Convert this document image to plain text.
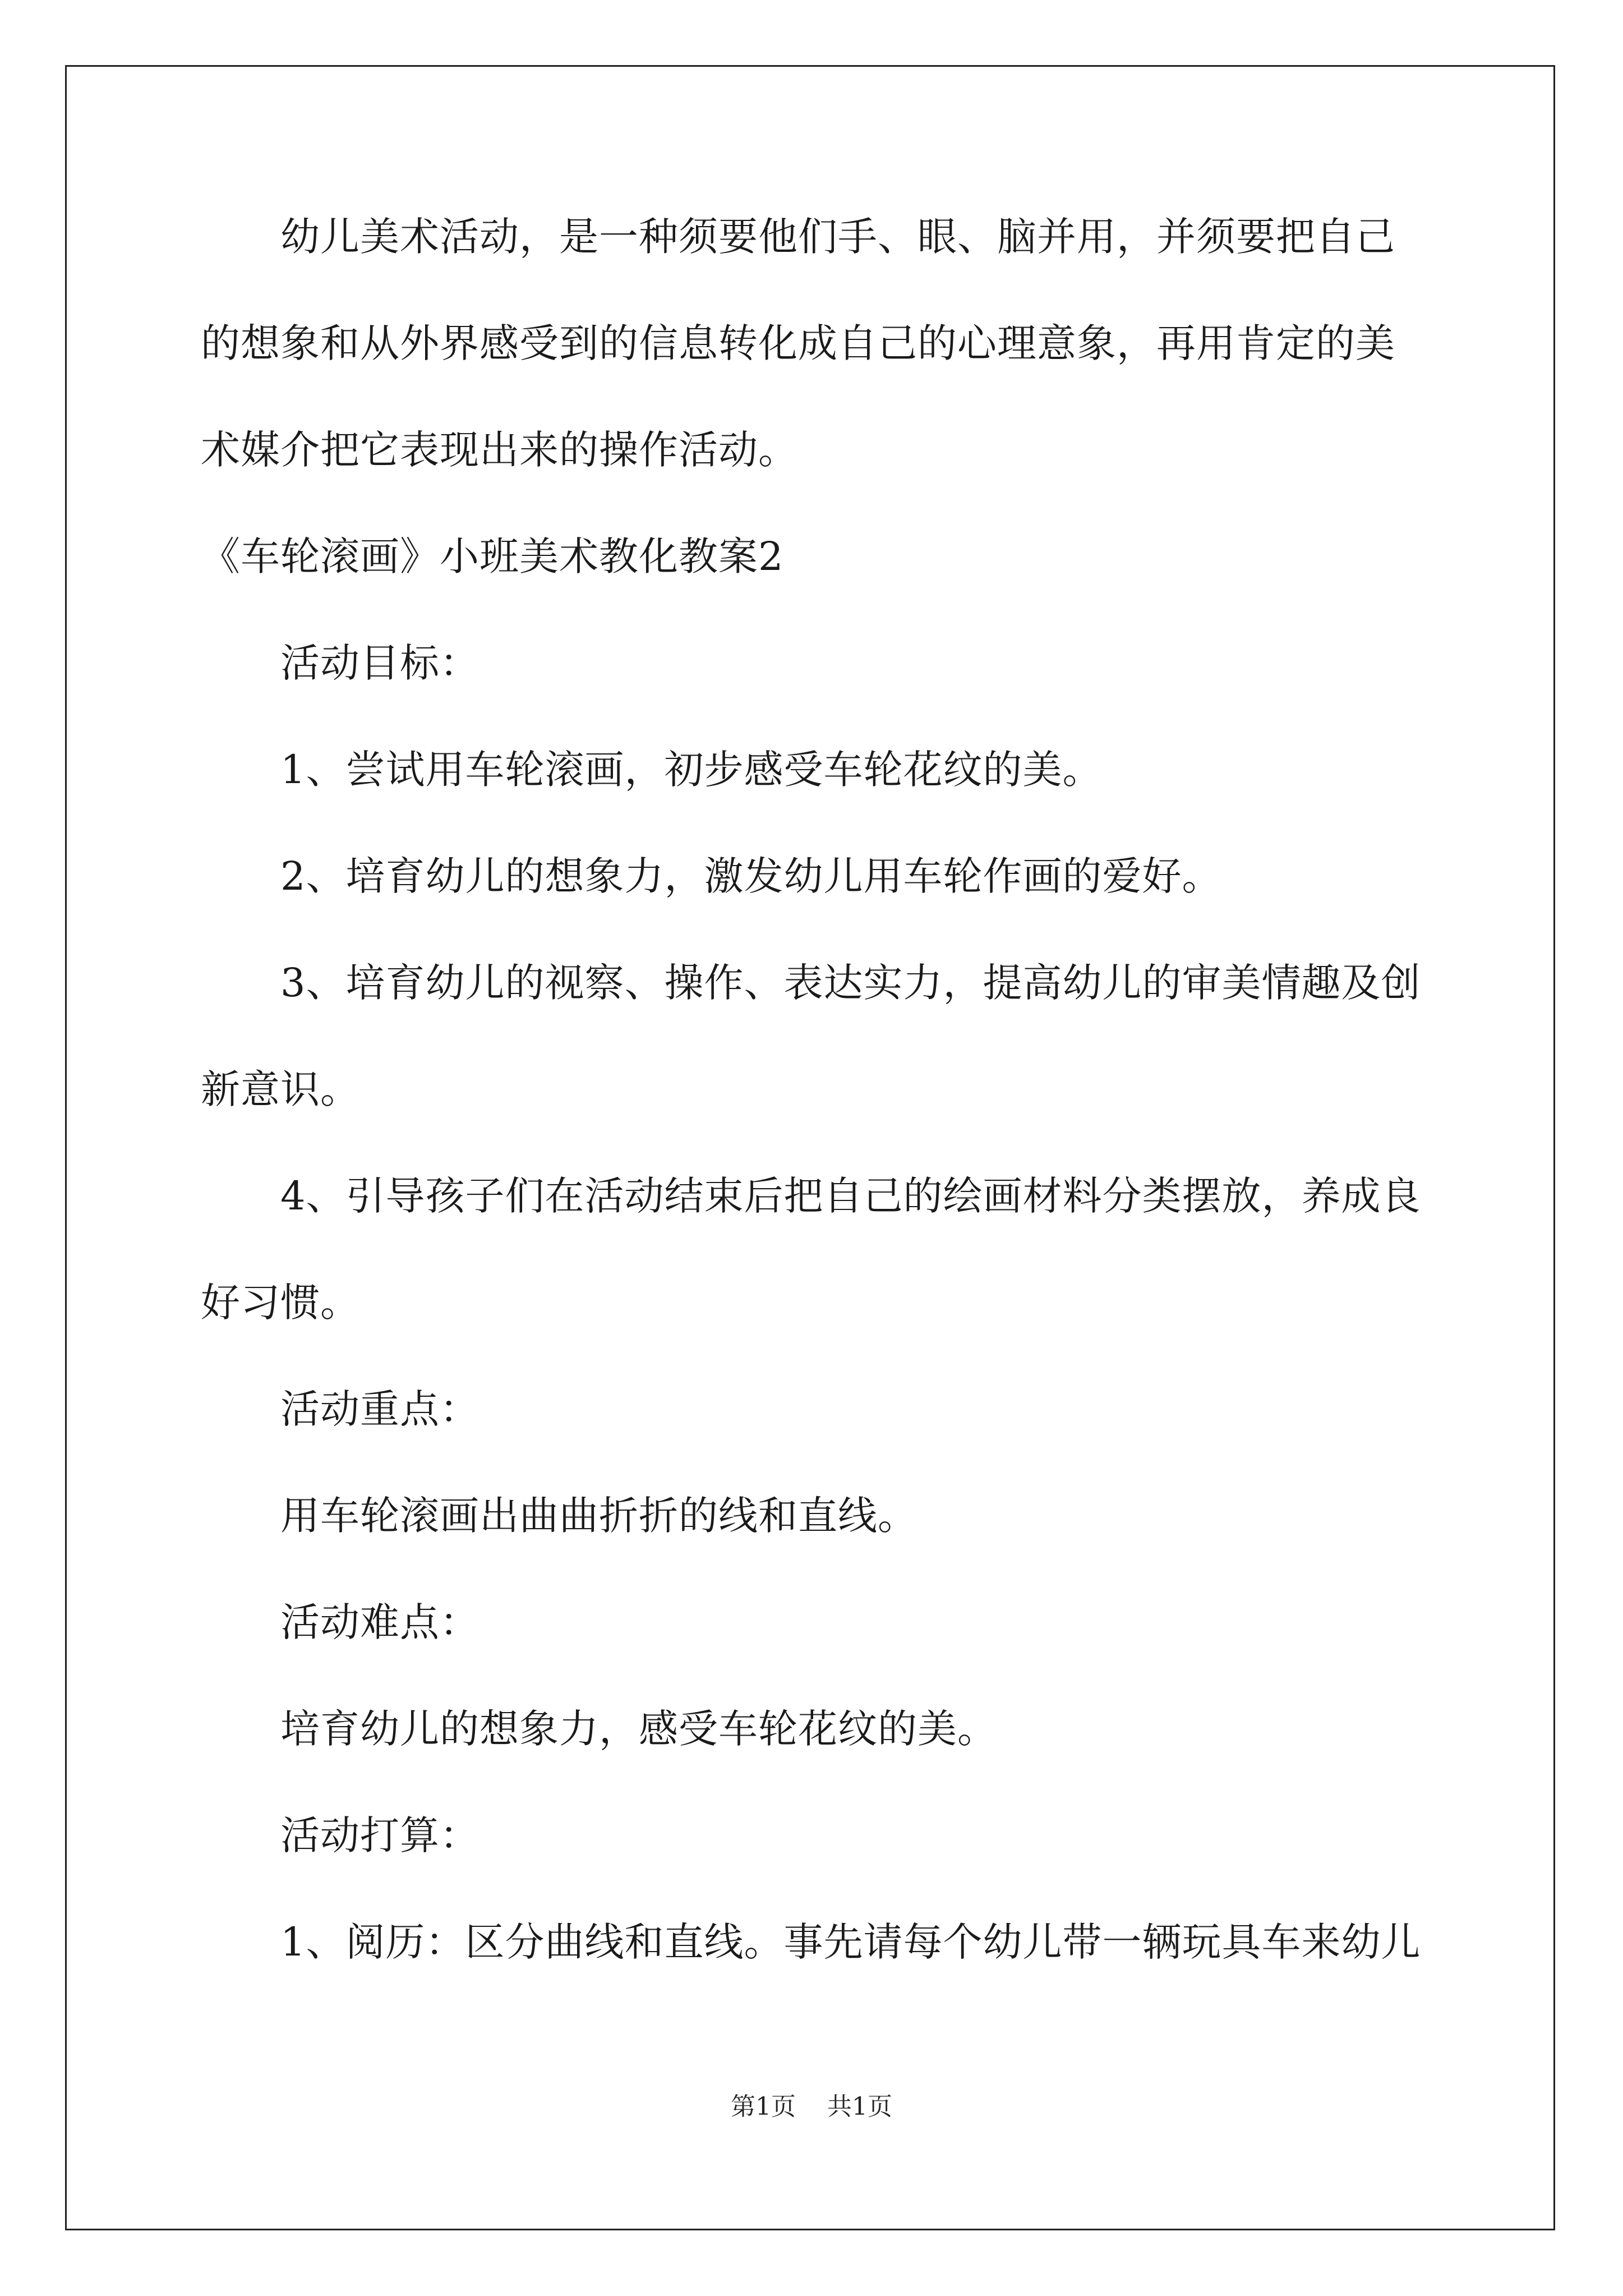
　　幼儿美术活动，是一种须要他们手、眼、脑并用，并须要把自己
的想象和从外界感受到的信息转化成自己的心理意象，再用肯定的美
术媒介把它表现出来的操作活动。
《车轮滚画》小班美术教化教案2
　　活动目标：
　　1、尝试用车轮滚画，初步感受车轮花纹的美。
　　2、培育幼儿的想象力，激发幼儿用车轮作画的爱好。
　　3、培育幼儿的视察、操作、表达实力，提高幼儿的审美情趣及创
新意识。
　　4、引导孩子们在活动结束后把自己的绘画材料分类摆放，养成良
好习惯。
　　活动重点：
　　用车轮滚画出曲曲折折的线和直线。
　　活动难点：
　　培育幼儿的想象力，感受车轮花纹的美。
　　活动打算：
　　1、阅历：区分曲线和直线。事先请每个幼儿带一辆玩具车来幼儿
第1页 共1页
